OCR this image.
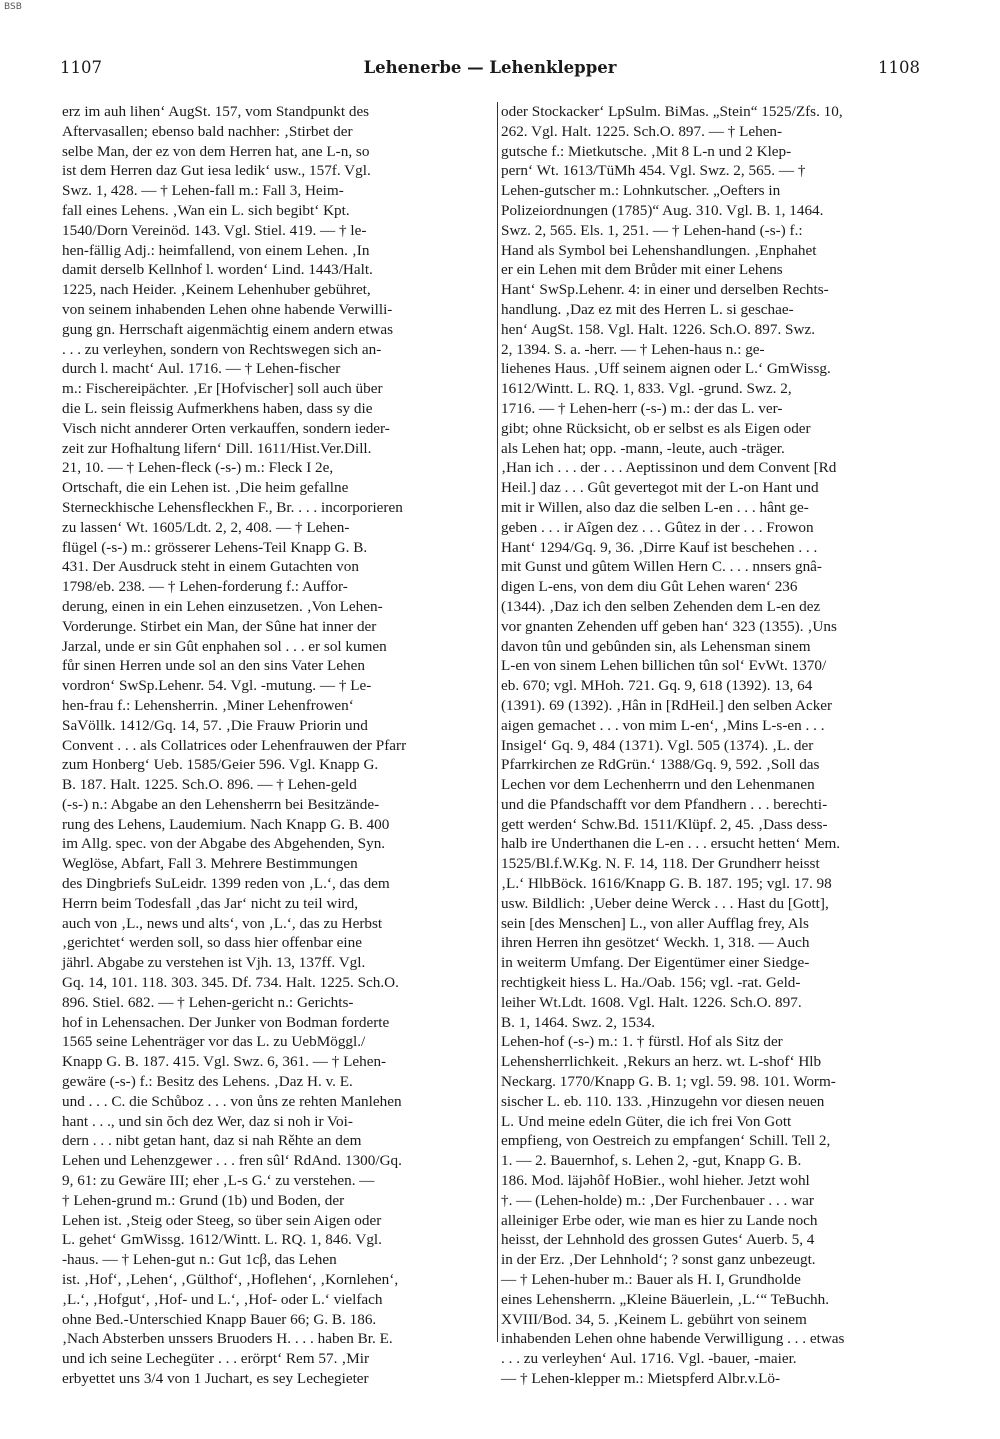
BSB
1107	Lehenerbe — Lehenklepper	1108
erz im auh lihen‘ AugSt. 157, vom Standpunkt des
Aftervasallen; ebenso bald nachher: ‚Stirbet der
selbe Man, der ez von dem Herren hat, ane L-n, so
ist dem Herren daz Gut iesa ledik‘ usw., 157f. Vgl.
Swz. 1, 428. — † Lehen-fall m.: Fall 3, Heim-
fall eines Lehens. ‚Wan ein L. sich begibt‘ Kpt.
1540/Dorn Vereinöd. 143. Vgl. Stiel. 419. — † le-
hen-fällig Adj.: heimfallend, von einem Lehen. ‚In
damit derselb Kellnhof l. worden‘ Lind. 1443/Halt.
1225, nach Heider. ‚Keinem Lehenhuber gebühret,
von seinem inhabenden Lehen ohne habende Verwilli-
gung gn. Herrschaft aigenmächtig einem andern etwas
. . . zu verleyhen, sondern von Rechtswegen sich an-
durch l. macht‘ Aul. 1716. — † Lehen-fischer
m.: Fischereipächter. ‚Er [Hofvischer] soll auch über
die L. sein fleissig Aufmerkhens haben, dass sy die
Visch nicht annderer Orten verkauffen, sondern ieder-
zeit zur Hofhaltung lifern‘ Dill. 1611/Hist.Ver.Dill.
21, 10. — † Lehen-fleck (-s-) m.: Fleck I 2e,
Ortschaft, die ein Lehen ist. ‚Die heim gefallne
Sterneckhische Lehensfleckhen F., Br. . . . incorporieren
zu lassen‘ Wt. 1605/Ldt. 2, 2, 408. — † Lehen-
flügel (-s-) m.: grösserer Lehens-Teil Knapp G. B.
431. Der Ausdruck steht in einem Gutachten von
1798/eb. 238. — † Lehen-forderung f.: Auffor-
derung, einen in ein Lehen einzusetzen. ‚Von Lehen-
Vorderunge. Stirbet ein Man, der Sûne hat inner der
Jarzal, unde er sin Gût enphahen sol . . . er sol kumen
fůr sinen Herren unde sol an den sins Vater Lehen
vordron‘ SwSp.Lehenr. 54. Vgl. -mutung. — † Le-
hen-frau f.: Lehensherrin. ‚Miner Lehenfrowen‘
SaVöllk. 1412/Gq. 14, 57. ‚Die Frauw Priorin und
Convent . . . als Collatrices oder Lehenfrauwen der Pfarr
zum Honberg‘ Ueb. 1585/Geier 596. Vgl. Knapp G.
B. 187. Halt. 1225. Sch.O. 896. — † Lehen-geld
(-s-) n.: Abgabe an den Lehensherrn bei Besitzände-
rung des Lehens, Laudemium. Nach Knapp G. B. 400
im Allg. spec. von der Abgabe des Abgehenden, Syn.
Weglöse, Abfart, Fall 3. Mehrere Bestimmungen
des Dingbriefs SuLeidr. 1399 reden von ‚L.‘, das dem
Herrn beim Todesfall ‚das Jar‘ nicht zu teil wird,
auch von ‚L., news und alts‘, von ‚L.‘, das zu Herbst
‚gerichtet‘ werden soll, so dass hier offenbar eine
jährl. Abgabe zu verstehen ist Vjh. 13, 137ff. Vgl.
Gq. 14, 101. 118. 303. 345. Df. 734. Halt. 1225. Sch.O.
896. Stiel. 682. — † Lehen-gericht n.: Gerichts-
hof in Lehensachen. Der Junker von Bodman forderte
1565 seine Lehenträger vor das L. zu UebMöggl./
Knapp G. B. 187. 415. Vgl. Swz. 6, 361. — † Lehen-
gewäre (-s-) f.: Besitz des Lehens. ‚Daz H. v. E.
und . . . C. die Schůboz . . . von ůns ze rehten Manlehen
hant . . ., und sin ŏch dez Wer, daz si noh ir Voi-
dern . . . nibt getan hant, daz si nah Rěhte an dem
Lehen und Lehenzgewer . . . fren sûl‘ RdAnd. 1300/Gq.
9, 61: zu Gewäre III; eher ‚L-s G.‘ zu verstehen. —
† Lehen-grund m.: Grund (1b) und Boden, der
Lehen ist. ‚Steig oder Steeg, so über sein Aigen oder
L. gehet‘ GmWissg. 1612/Wintt. L. RQ. 1, 846. Vgl.
-haus. — † Lehen-gut n.: Gut 1cβ, das Lehen
ist. ‚Hof‘, ‚Lehen‘, ‚Gülthof‘, ‚Hoflehen‘, ‚Kornlehen‘,
‚L.‘, ‚Hofgut‘, ‚Hof- und L.‘, ‚Hof- oder L.‘ vielfach
ohne Bed.-Unterschied Knapp Bauer 66; G. B. 186.
‚Nach Absterben unssers Bruoders H. . . . haben Br. E.
und ich seine Lechegüter . . . erörpt‘ Rem 57. ‚Mir
erbyettet uns 3/4 von 1 Juchart, es sey Lechegieter
oder Stockacker‘ LpSulm. BiMas. „Stein“ 1525/Zfs. 10,
262. Vgl. Halt. 1225. Sch.O. 897. — † Lehen-
gutsche f.: Mietkutsche. ‚Mit 8 L-n und 2 Klep-
pern‘ Wt. 1613/TüMh 454. Vgl. Swz. 2, 565. — †
Lehen-gutscher m.: Lohnkutscher. „Oefters in
Polizeiordnungen (1785)“ Aug. 310. Vgl. B. 1, 1464.
Swz. 2, 565. Els. 1, 251. — † Lehen-hand (-s-) f.:
Hand als Symbol bei Lehenshandlungen. ‚Enphahet
er ein Lehen mit dem Brůder mit einer Lehens
Hant‘ SwSp.Lehenr. 4: in einer und derselben Rechts-
handlung. ‚Daz ez mit des Herren L. si geschae-
hen‘ AugSt. 158. Vgl. Halt. 1226. Sch.O. 897. Swz.
2, 1394. S. a. -herr. — † Lehen-haus n.: ge-
liehenes Haus. ‚Uff seinem aignen oder L.‘ GmWissg.
1612/Wintt. L. RQ. 1, 833. Vgl. -grund. Swz. 2,
1716. — † Lehen-herr (-s-) m.: der das L. ver-
gibt; ohne Rücksicht, ob er selbst es als Eigen oder
als Lehen hat; opp. -mann, -leute, auch -träger.
‚Han ich . . . der . . . Aeptissinon und dem Convent [Rd
Heil.] daz . . . Gût gevertegot mit der L-on Hant und
mit ir Willen, also daz die selben L-en . . . hânt ge-
geben . . . ir Aîgen dez . . . Gûtez in der . . . Frowon
Hant‘ 1294/Gq. 9, 36. ‚Dirre Kauf ist beschehen . . .
mit Gunst und gûtem Willen Hern C. . . . nnsers gnâ-
digen L-ens, von dem diu Gût Lehen waren‘ 236
(1344). ‚Daz ich den selben Zehenden dem L-en dez
vor gnanten Zehenden uff geben han‘ 323 (1355). ‚Uns
davon tûn und gebûnden sin, als Lehensman sinem
L-en von sinem Lehen billichen tûn sol‘ EvWt. 1370/
eb. 670; vgl. MHoh. 721. Gq. 9, 618 (1392). 13, 64
(1391). 69 (1392). ‚Hân in [RdHeil.] den selben Acker
aigen gemachet . . . von mim L-en‘, ‚Mins L-s-en . . .
Insigel‘ Gq. 9, 484 (1371). Vgl. 505 (1374). ‚L. der
Pfarrkirchen ze RdGrün.‘ 1388/Gq. 9, 592. ‚Soll das
Lechen vor dem Lechenherrn und den Lehenmanen
und die Pfandschafft vor dem Pfandhern . . . berechti-
gett werden‘ Schw.Bd. 1511/Klüpf. 2, 45. ‚Dass dess-
halb ire Underthanen die L-en . . . ersucht hetten‘ Mem.
1525/Bl.f.W.Kg. N. F. 14, 118. Der Grundherr heisst
‚L.‘ HlbBöck. 1616/Knapp G. B. 187. 195; vgl. 17. 98
usw. Bildlich: ‚Ueber deine Werck . . . Hast du [Gott],
sein [des Menschen] L., von aller Aufflag frey, Als
ihren Herren ihn gesötzet‘ Weckh. 1, 318. — Auch
in weiterm Umfang. Der Eigentümer einer Siedge-
rechtigkeit hiess L. Ha./Oab. 156; vgl. -rat. Geld-
leiher Wt.Ldt. 1608. Vgl. Halt. 1226. Sch.O. 897.
B. 1, 1464. Swz. 2, 1534.
Lehen-hof (-s-) m.: 1. † fürstl. Hof als Sitz der
Lehensherrlichkeit. ‚Rekurs an herz. wt. L-shof‘ Hlb
Neckarg. 1770/Knapp G. B. 1; vgl. 59. 98. 101. Worm-
sischer L. eb. 110. 133. ‚Hinzugehn vor diesen neuen
L. Und meine edeln Güter, die ich frei Von Gott
empfieng, von Oestreich zu empfangen‘ Schill. Tell 2,
1. — 2. Bauernhof, s. Lehen 2, -gut, Knapp G. B.
186. Mod. läjəhôf HoBier., wohl hieher. Jetzt wohl
†. — (Lehen-holde) m.: ‚Der Furchenbauer . . . war
alleiniger Erbe oder, wie man es hier zu Lande noch
heisst, der Lehnhold des grossen Gutes‘ Auerb. 5, 4
in der Erz. ‚Der Lehnhold‘; ? sonst ganz unbezeugt.
— † Lehen-huber m.: Bauer als H. I, Grundholde
eines Lehensherrn. „Kleine Bäuerlein, ‚L.‘“ TeBuchh.
XVIII/Bod. 34, 5. ‚Keinem L. gebührt von seinem
inhabenden Lehen ohne habende Verwilligung . . . etwas
. . . zu verleyhen‘ Aul. 1716. Vgl. -bauer, -maier.
— † Lehen-klepper m.: Mietspferd Albr.v.Lö-
